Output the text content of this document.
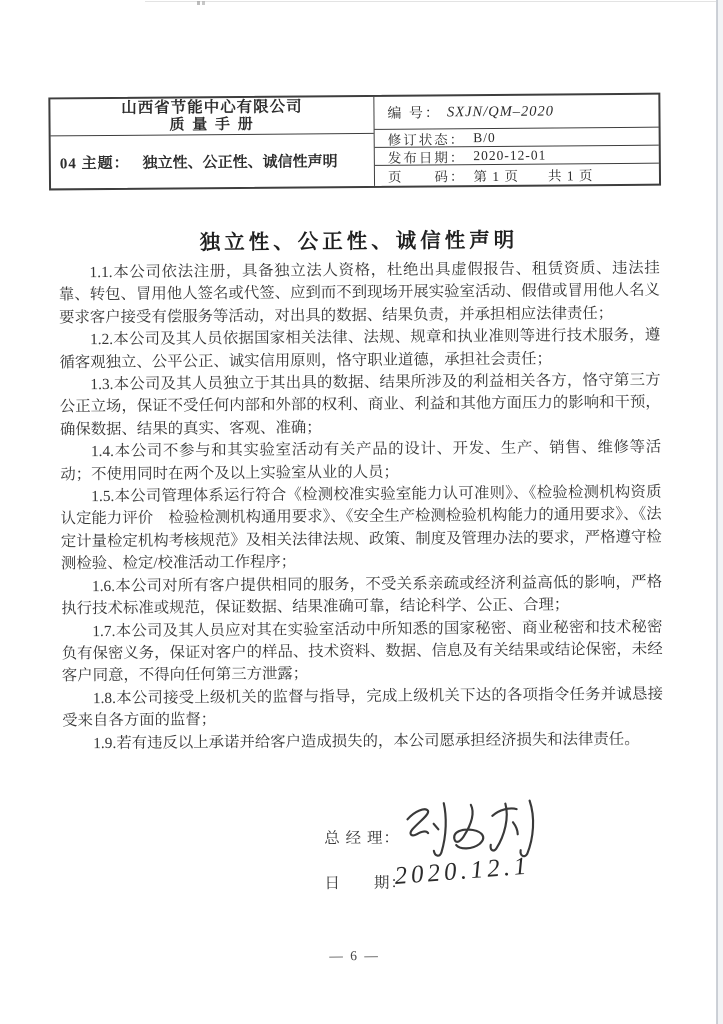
山西省节能中心有限公司
质 量 手 册
04 主题： 独立性、公正性、诚信性声明
编 号： SXJN/QM–2020
修订状态： B/0
发布日期： 2020-12-01
页　　码： 第 1 页　　共 1 页
独立性、公正性、诚信性声明

1.1.本公司依法注册，具备独立法人资格，杜绝出具虚假报告、租赁资质、违法挂靠、转包、冒用他人签名或代签、应到而不到现场开展实验室活动、假借或冒用他人名义要求客户接受有偿服务等活动，对出具的数据、结果负责，并承担相应法律责任；

1.2.本公司及其人员依据国家相关法律、法规、规章和执业准则等进行技术服务，遵循客观独立、公平公正、诚实信用原则，恪守职业道德，承担社会责任；

1.3.本公司及其人员独立于其出具的数据、结果所涉及的利益相关各方，恪守第三方公正立场，保证不受任何内部和外部的权利、商业、利益和其他方面压力的影响和干预，确保数据、结果的真实、客观、准确；

1.4.本公司不参与和其实验室活动有关产品的设计、开发、生产、销售、维修等活动；不使用同时在两个及以上实验室从业的人员；

1.5.本公司管理体系运行符合《检测校准实验室能力认可准则》、《检验检测机构资质认定能力评价　检验检测机构通用要求》、《安全生产检测检验机构能力的通用要求》、《法定计量检定机构考核规范》及相关法律法规、政策、制度及管理办法的要求，严格遵守检测检验、检定/校准活动工作程序；

1.6.本公司对所有客户提供相同的服务，不受关系亲疏或经济利益高低的影响，严格执行技术标准或规范，保证数据、结果准确可靠，结论科学、公正、合理；

1.7.本公司及其人员应对其在实验室活动中所知悉的国家秘密、商业秘密和技术秘密负有保密义务，保证对客户的样品、技术资料、数据、信息及有关结果或结论保密，未经客户同意，不得向任何第三方泄露；

1.8.本公司接受上级机关的监督与指导，完成上级机关下达的各项指令任务并诚恳接受来自各方面的监督；

1.9.若有违反以上承诺并给客户造成损失的，本公司愿承担经济损失和法律责任。

总 经 理：
日　　期：
2020.12.1
— 6 —
